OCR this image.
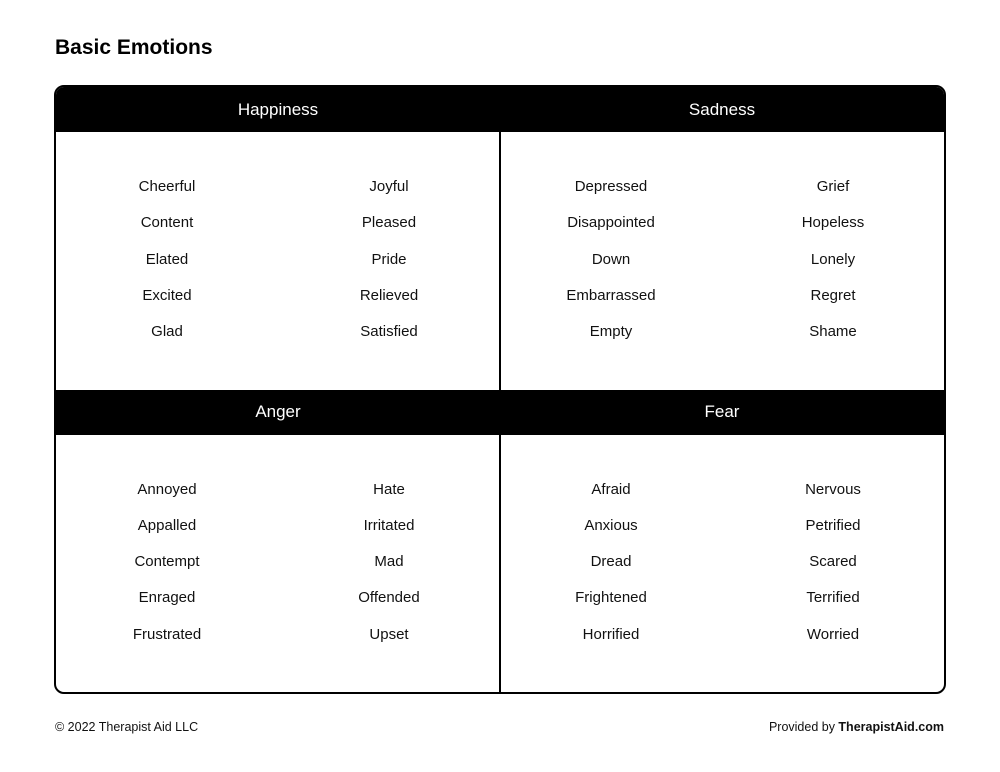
Basic Emotions
Happiness
Cheerful
Content
Elated
Excited
Glad
Joyful
Pleased
Pride
Relieved
Satisfied
Sadness
Depressed
Disappointed
Down
Embarrassed
Empty
Grief
Hopeless
Lonely
Regret
Shame
Anger
Annoyed
Appalled
Contempt
Enraged
Frustrated
Hate
Irritated
Mad
Offended
Upset
Fear
Afraid
Anxious
Dread
Frightened
Horrified
Nervous
Petrified
Scared
Terrified
Worried
© 2022 Therapist Aid LLC	Provided by TherapistAid.com
